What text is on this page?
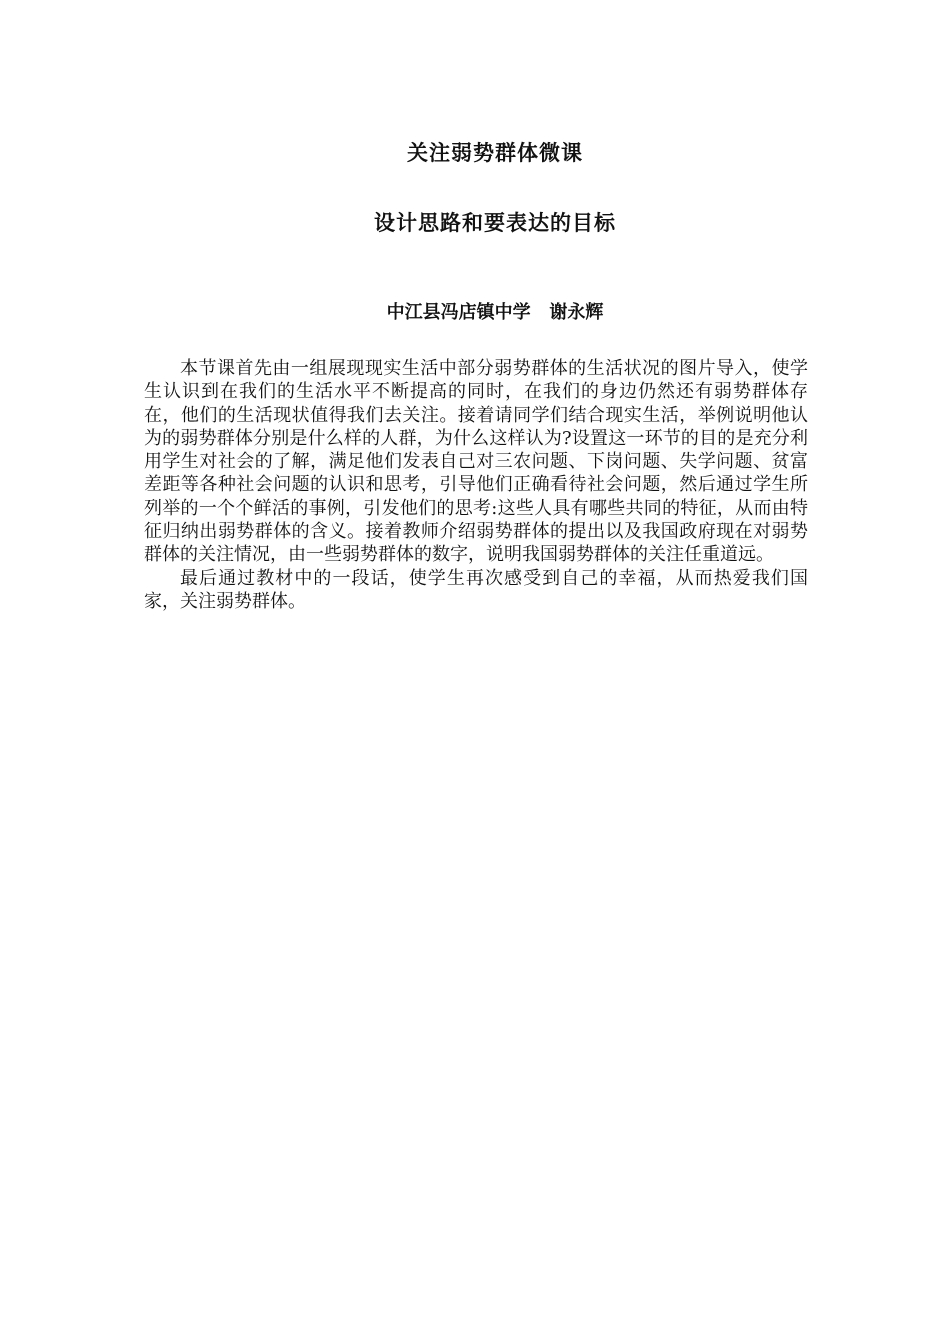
关注弱势群体微课
设计思路和要表达的目标
中江县冯店镇中学   谢永辉

本节课首先由一组展现现实生活中部分弱势群体的生活状况的图片导入，使学生认识到在我们的生活水平不断提高的同时，在我们的身边仍然还有弱势群体存在，他们的生活现状值得我们去关注。接着请同学们结合现实生活，举例说明他认为的弱势群体分别是什么样的人群，为什么这样认为?设置这一环节的目的是充分利用学生对社会的了解，满足他们发表自己对三农问题、下岗问题、失学问题、贫富差距等各种社会问题的认识和思考，引导他们正确看待社会问题，然后通过学生所列举的一个个鲜活的事例，引发他们的思考:这些人具有哪些共同的特征，从而由特征归纳出弱势群体的含义。接着教师介绍弱势群体的提出以及我国政府现在对弱势群体的关注情况，由一些弱势群体的数字，说明我国弱势群体的关注任重道远。

最后通过教材中的一段话，使学生再次感受到自己的幸福，从而热爱我们国家，关注弱势群体。
